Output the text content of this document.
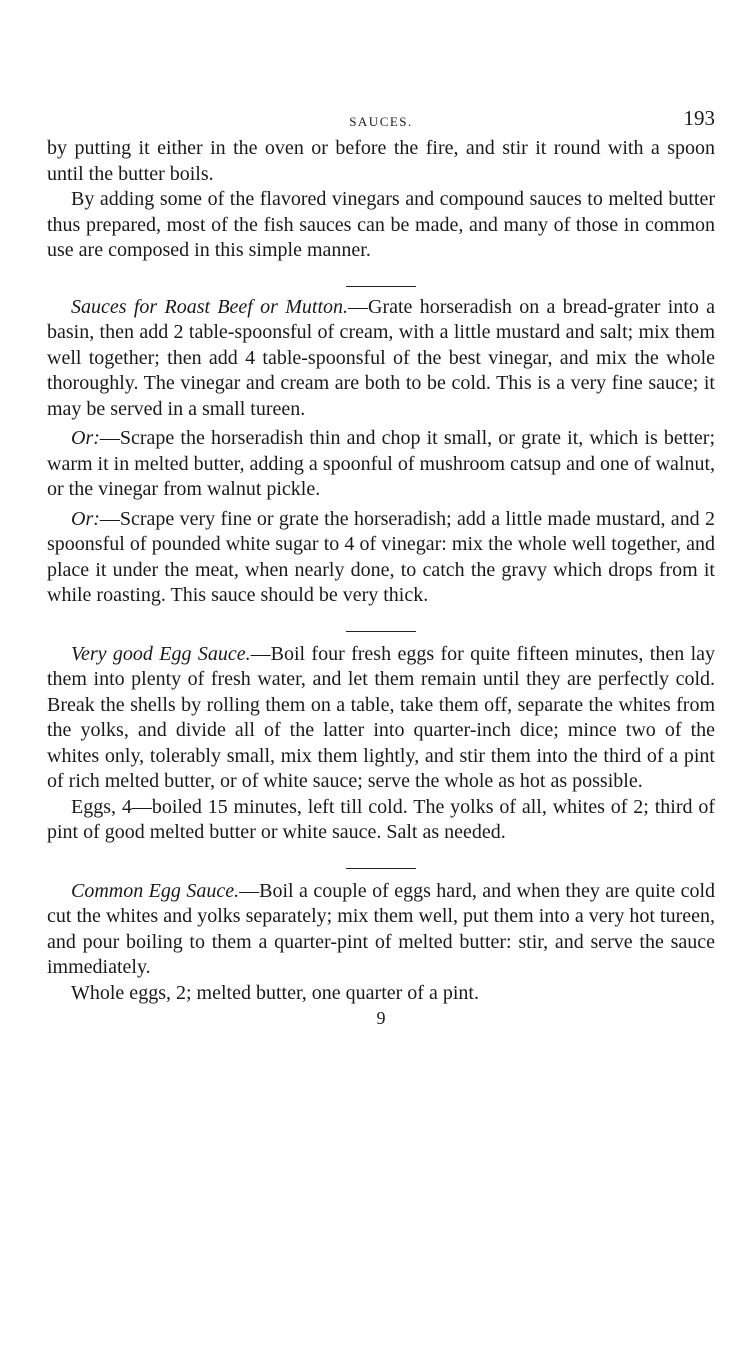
SAUCES.	193

by putting it either in the oven or before the fire, and stir it round with a spoon until the butter boils.

By adding some of the flavored vinegars and compound sauces to melted butter thus prepared, most of the fish sauces can be made, and many of those in common use are composed in this simple manner.

Sauces for Roast Beef or Mutton.—Grate horseradish on a bread-grater into a basin, then add 2 table-spoonsful of cream, with a little mustard and salt; mix them well together; then add 4 table-spoonsful of the best vinegar, and mix the whole thoroughly. The vinegar and cream are both to be cold. This is a very fine sauce; it may be served in a small tureen.

Or:—Scrape the horseradish thin and chop it small, or grate it, which is better; warm it in melted butter, adding a spoonful of mushroom catsup and one of walnut, or the vinegar from walnut pickle.

Or:—Scrape very fine or grate the horseradish; add a little made mustard, and 2 spoonsful of pounded white sugar to 4 of vinegar: mix the whole well together, and place it under the meat, when nearly done, to catch the gravy which drops from it while roasting. This sauce should be very thick.

Very good Egg Sauce.—Boil four fresh eggs for quite fifteen minutes, then lay them into plenty of fresh water, and let them remain until they are perfectly cold. Break the shells by rolling them on a table, take them off, separate the whites from the yolks, and divide all of the latter into quarter-inch dice; mince two of the whites only, tolerably small, mix them lightly, and stir them into the third of a pint of rich melted butter, or of white sauce; serve the whole as hot as possible.

Eggs, 4—boiled 15 minutes, left till cold. The yolks of all, whites of 2; third of pint of good melted butter or white sauce. Salt as needed.

Common Egg Sauce.—Boil a couple of eggs hard, and when they are quite cold cut the whites and yolks separately; mix them well, put them into a very hot tureen, and pour boiling to them a quarter-pint of melted butter: stir, and serve the sauce immediately.

Whole eggs, 2; melted butter, one quarter of a pint.

9
